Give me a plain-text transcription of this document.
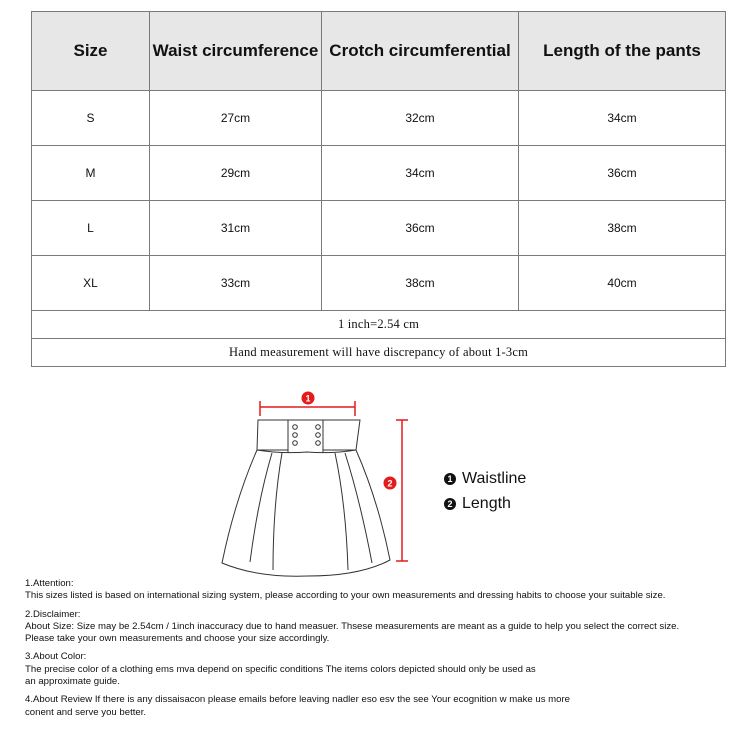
Size	Waist circumference	Crotch circumferential	Length of the pants
S	27cm	32cm	34cm
M	29cm	34cm	36cm
L	31cm	36cm	38cm
XL	33cm	38cm	40cm
1 inch=2.54 cm			
Hand measurement will have discrepancy of about 1-3cm			
1
2	1 Waistline
2 Length

1.Attention:

This sizes listed is based on international sizing system, please according to your own measurements and dressing habits to choose your suitable size.

2.Disclaimer:

About Size: Size may be 2.54cm / 1inch inaccuracy due to hand measuer. Thsese measurements are meant as a guide to help you select the correct size.

Please take your own measurements and choose your size accordingly.

3.About Color:

The precise color of a clothing ems mva depend on specific conditions The items colors depicted should only be used as

an approximate guide.

4.About Review If there is any dissaisacon please emails before leaving nadler eso esv the see Your ecognition w make us more

conent and serve you better.
